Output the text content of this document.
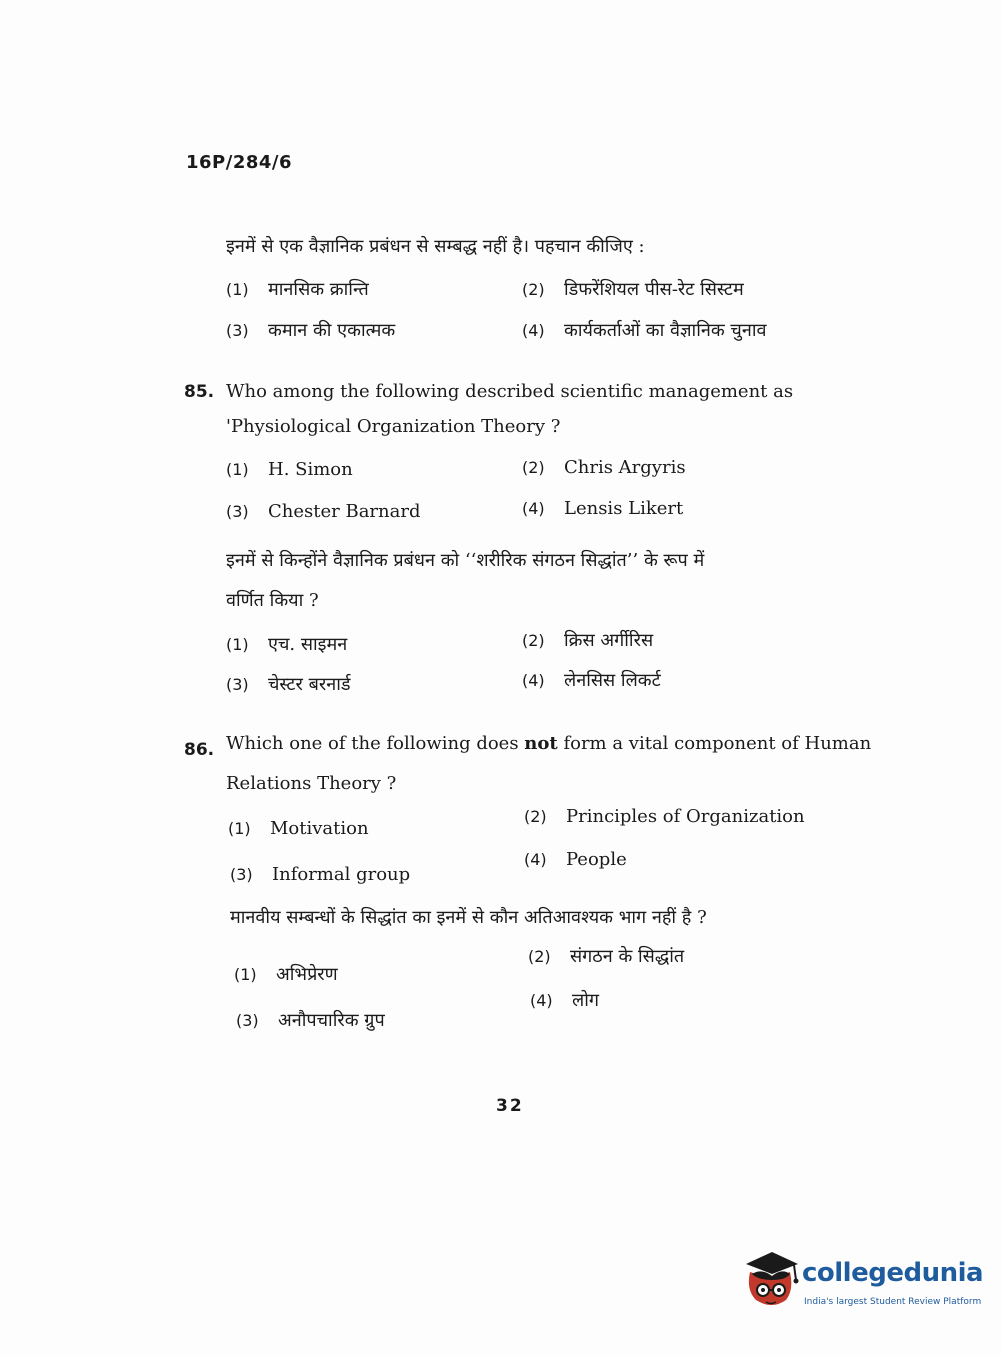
16P/284/6
इनमें से एक वैज्ञानिक प्रबंधन से सम्बद्ध नहीं है। पहचान कीजिए :
(1) मानसिक क्रान्ति	(2) डिफरेंशियल पीस-रेट सिस्टम
(3) कमान की एकात्मक	(4) कार्यकर्ताओं का वैज्ञानिक चुनाव
85. Who among the following described scientific management as
'Physiological Organization Theory ?
(1) H. Simon	(2) Chris Argyris
(3) Chester Barnard	(4) Lensis Likert
इनमें से किन्होंने वैज्ञानिक प्रबंधन को ‘‘शरीरिक संगठन सिद्धांत’’ के रूप में
वर्णित किया ?
(1) एच. साइमन	(2) क्रिस अर्गीरिस
(3) चेस्टर बरनार्ड	(4) लेनसिस लिकर्ट
86. Which one of the following does not form a vital component of Human
Relations Theory ?
(1) Motivation
(2) Principles of Organization
(3) Informal group
(4) People
मानवीय सम्बन्धों के सिद्धांत का इनमें से कौन अतिआवश्यक भाग नहीं है ?
(1) अभिप्रेरण
(2) संगठन के सिद्धांत
(3) अनौपचारिक ग्रुप
(4) लोग
32
collegedunia
India's largest Student Review Platform
